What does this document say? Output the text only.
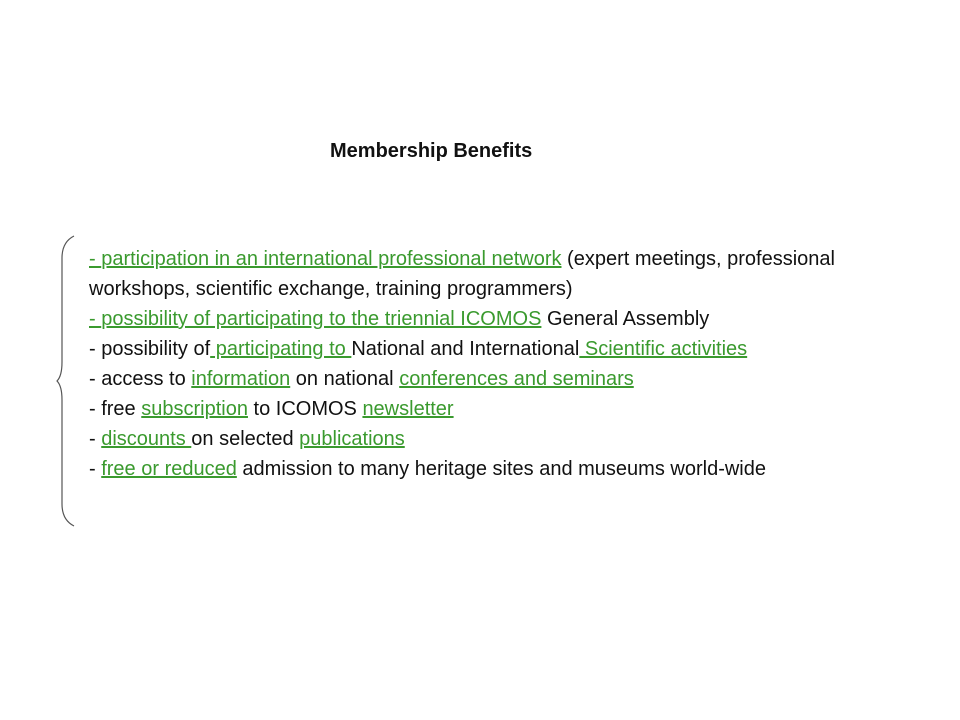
Membership Benefits
- participation in an international professional network (expert meetings, professional workshops, scientific exchange, training programmers)
- possibility of participating to the triennial ICOMOS General Assembly
- possibility of participating to National and International Scientific activities
- access to information on national conferences and seminars
- free subscription to ICOMOS newsletter
- discounts on selected publications
- free or reduced admission to many heritage sites and museums world-wide
